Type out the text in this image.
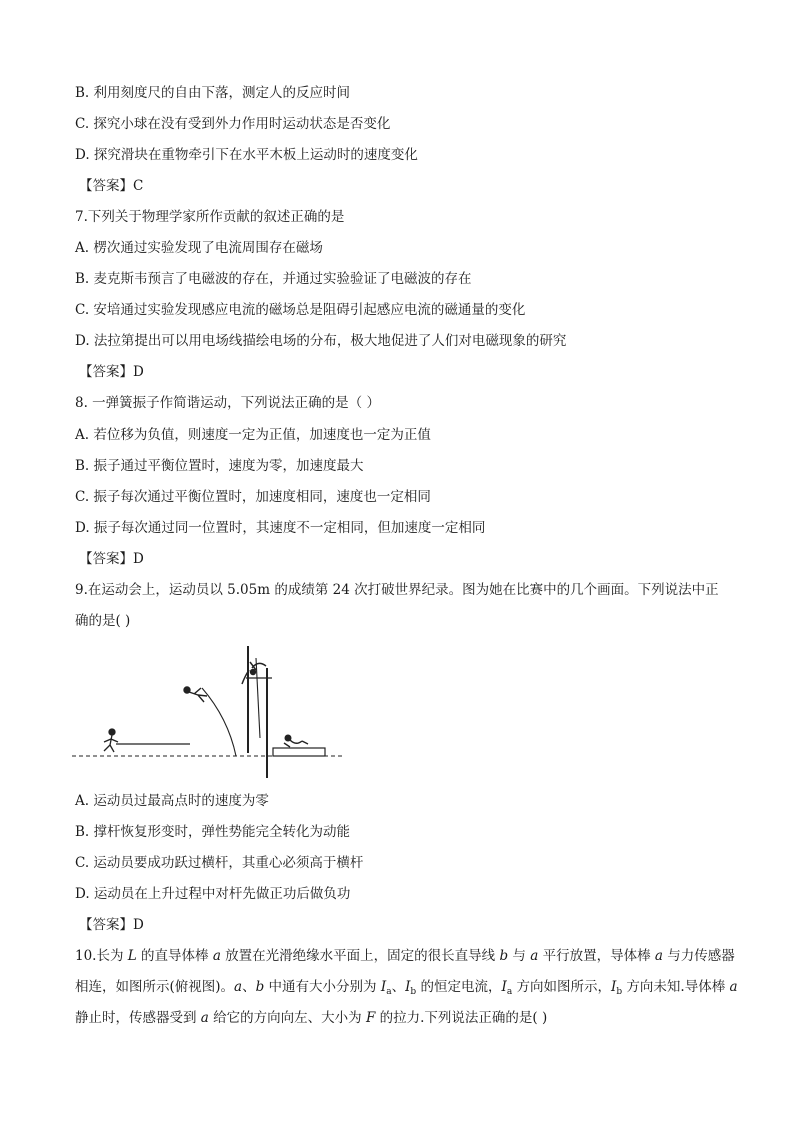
B. 利用刻度尺的自由下落，测定人的反应时间
C. 探究小球在没有受到外力作用时运动状态是否变化
D. 探究滑块在重物牵引下在水平木板上运动时的速度变化
【答案】C
7.下列关于物理学家所作贡献的叙述正确的是
A. 楞次通过实验发现了电流周围存在磁场
B. 麦克斯韦预言了电磁波的存在，并通过实验验证了电磁波的存在
C. 安培通过实验发现感应电流的磁场总是阻碍引起感应电流的磁通量的变化
D. 法拉第提出可以用电场线描绘电场的分布，极大地促进了人们对电磁现象的研究
【答案】D
8. 一弹簧振子作简谐运动，下列说法正确的是（ ）
A. 若位移为负值，则速度一定为正值，加速度也一定为正值
B. 振子通过平衡位置时，速度为零，加速度最大
C. 振子每次通过平衡位置时，加速度相同，速度也一定相同
D. 振子每次通过同一位置时，其速度不一定相同，但加速度一定相同
【答案】D
9.在运动会上，运动员以 5.05m 的成绩第 24 次打破世界纪录。图为她在比赛中的几个画面。下列说法中正
确的是( )
A. 运动员过最高点时的速度为零
B. 撑杆恢复形变时，弹性势能完全转化为动能
C. 运动员要成功跃过横杆，其重心必须高于横杆
D. 运动员在上升过程中对杆先做正功后做负功
【答案】D
10.长为 L 的直导体棒 a 放置在光滑绝缘水平面上，固定的很长直导线 b 与 a 平行放置，导体棒 a 与力传感器
相连，如图所示(俯视图)。a、b 中通有大小分别为 $I_a$、$I_b$ 的恒定电流，$I_a$ 方向如图所示，$I_b$ 方向未知.导体棒 a
静止时，传感器受到 a 给它的方向向左、大小为 F 的拉力.下列说法正确的是( )
